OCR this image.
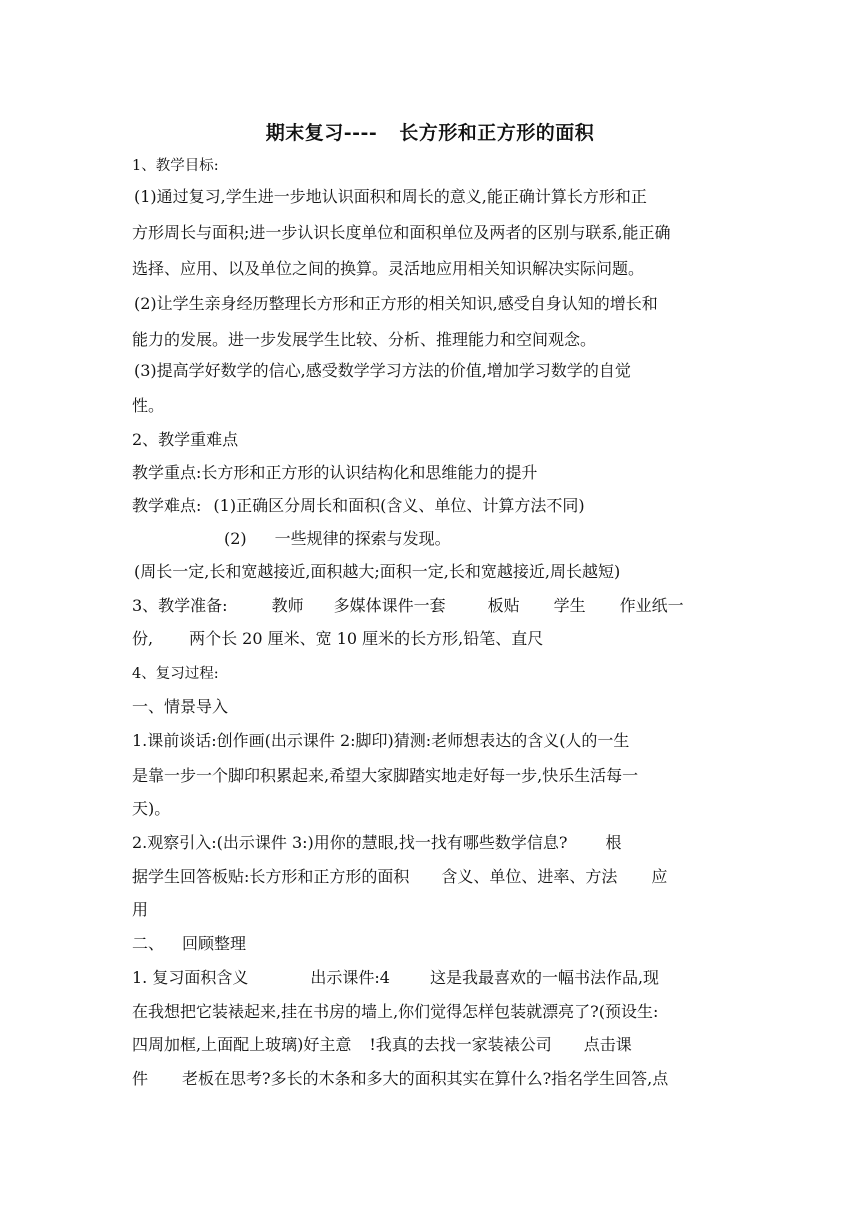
期末复习---- 长方形和正方形的面积
1、教学目标:
(1)通过复习,学生进一步地认识面积和周长的意义,能正确计算长方形和正
方形周长与面积;进一步认识长度单位和面积单位及两者的区别与联系,能正确
选择、应用、以及单位之间的换算。灵活地应用相关知识解决实际问题。
(2)让学生亲身经历整理长方形和正方形的相关知识,感受自身认知的增长和
能力的发展。进一步发展学生比较、分析、推理能力和空间观念。
(3)提高学好数学的信心,感受数学学习方法的价值,增加学习数学的自觉
性。
2、教学重难点
教学重点:长方形和正方形的认识结构化和思维能力的提升
教学难点: (1)正确区分周长和面积(含义、单位、计算方法不同)
(2) 一些规律的探索与发现。
(周长一定,长和宽越接近,面积越大;面积一定,长和宽越接近,周长越短)
3、教学准备:	教师 多媒体课件一套	板贴 学生 作业纸一
份, 两个长 20 厘米、宽 10 厘米的长方形,铅笔、直尺
4、复习过程:
一、情景导入
1.课前谈话:创作画(出示课件 2:脚印)猜测:老师想表达的含义(人的一生
是靠一步一个脚印积累起来,希望大家脚踏实地走好每一步,快乐生活每一
天)。
2.观察引入:(出示课件 3:)用你的慧眼,找一找有哪些数学信息? 根
据学生回答板贴:长方形和正方形的面积 含义、单位、进率、方法 应
用
二、 回顾整理
1. 复习面积含义	出示课件:4	这是我最喜欢的一幅书法作品,现
在我想把它装裱起来,挂在书房的墙上,你们觉得怎样包装就漂亮了?(预设生:
四周加框,上面配上玻璃)好主意 !我真的去找一家装裱公司 点击课
件 老板在思考?多长的木条和多大的面积其实在算什么?指名学生回答,点
